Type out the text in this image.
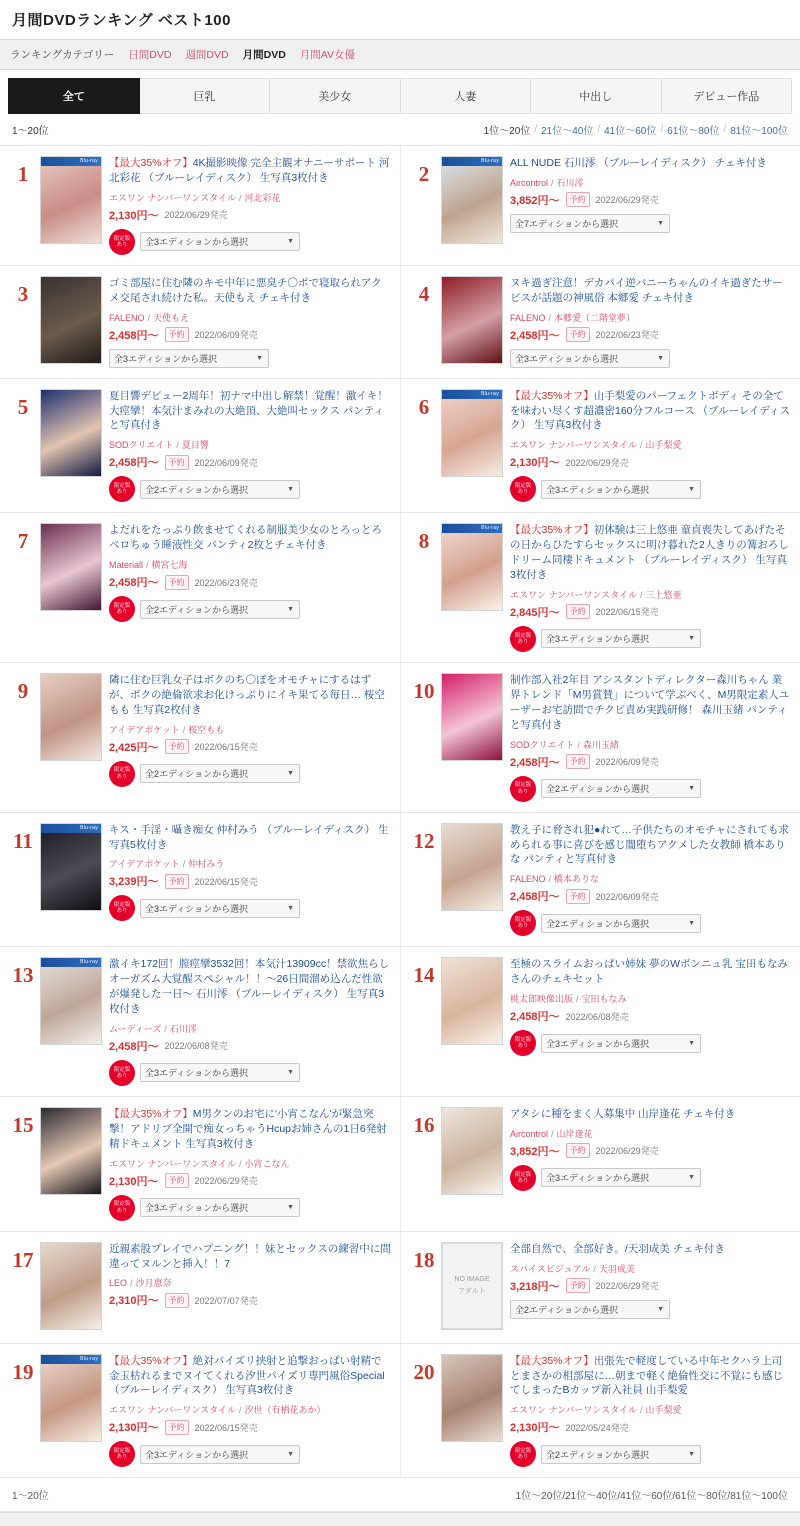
月間DVDランキング ベスト100
ランキングカテゴリー 日間DVD 週間DVD 月間DVD 月間AV女優
全て	巨乳	美少女	人妻	中出し	デビュー作品
1〜20位	1位〜20位 / 21位〜40位 / 41位〜60位 / 61位〜80位 / 81位〜100位
1
Blu-ray 【最大35%オフ】4K撮影映像 完全主観オナニーサポート 河北彩花 （ブルーレイディスク） 生写真3枚付き
エスワン ナンバーワンスタイル / 河北彩花
2,130円〜 2022/06/29発売
限定版
あり 全3エディションから選択	▼
2
Blu-ray ALL NUDE 石川澪 （ブルーレイディスク） チェキ付き
Aircontrol / 石川澪
3,852円〜	予約	2022/06/29発売
全7エディションから選択	▼
3	ゴミ部屋に住む隣のキモ中年に悪臭チ〇ポで寝取られアクメ交尾され続けた私。天使もえ チェキ付き
FALENO / 天使もえ
2,458円〜	予約	2022/06/09発売
全3エディションから選択	▼
4	ヌキ過ぎ注意！デカパイ逆バニーちゃんのイキ過ぎたサービスが話題の神風俗 本郷愛 チェキ付き
FALENO / 本郷愛（二階堂夢）
2,458円〜	予約	2022/06/23発売
全3エディションから選択	▼
5	夏目響デビュー2周年！初ナマ中出し解禁！覚醒！激イキ！大痙攣！本気汁まみれの大絶頂、大絶叫セックス パンティと写真付き
SODクリエイト / 夏目響
2,458円〜	予約	2022/06/09発売
限定版
あり 全2エディションから選択	▼
6
Blu-ray 【最大35%オフ】山手梨愛のパーフェクトボディ その全てを味わい尽くす超濃密160分フルコース （ブルーレイディスク） 生写真3枚付き
エスワン ナンバーワンスタイル / 山手梨愛
2,130円〜 2022/06/29発売
限定版
あり 全3エディションから選択	▼
7	よだれをたっぷり飲ませてくれる制服美少女のとろっとろベロちゅう睡液性交 パンティ2枚とチェキ付き
Materiall / 横宮七海
2,458円〜	予約	2022/06/23発売
限定版
あり 全2エディションから選択	▼
8
Blu-ray 【最大35%オフ】初体験は三上悠亜 童貞喪失してあげたその日からひたすらセックスに明け暮れた2人きりの篝おろしドリーム同棲ドキュメント （ブルーレイディスク） 生写真3枚付き
エスワン ナンバーワンスタイル / 三上悠亜
2,845円〜	予約	2022/06/15発売
限定版
あり 全3エディションから選択	▼
9	隣に住む巨乳女子はボクのち〇ぽをオモチャにするはずが、ボクの絶倫欲求お化けっぷりにイキ果てる毎日… 桜空もも 生写真2枚付き
アイデアポケット / 桜空もも
2,425円〜	予約	2022/06/15発売
限定版
あり 全2エディションから選択	▼
10	制作部入社2年目 アシスタントディレクター森川ちゃん 業界トレンド「M男賞賛」について学ぶべく、M男限定素人ユーザーお宅訪問でチクビ責め実践研修！ 森川玉緒 パンティと写真付き
SODクリエイト / 森川玉緒
2,458円〜	予約	2022/06/09発売
限定版
あり 全2エディションから選択	▼
11
Blu-ray キス・手淫・囁き痴女 仲村みう （ブルーレイディスク） 生写真5枚付き
アイデアポケット / 仲村みう
3,239円〜	予約	2022/06/15発売
限定版
あり 全3エディションから選択	▼
12	教え子に脅され犯●れて…子供たちのオモチャにされても求められる事に喜びを感じ闇堕ちアクメした女教師 橋本ありな パンティと写真付き
FALENO / 橋本ありな
2,458円〜	予約	2022/06/09発売
限定版
あり 全2エディションから選択	▼
13
Blu-ray 激イキ172回！膣痙攣3532回！本気汁13909cc！禁欲焦らしオーガズム大覚醒スペシャル！！〜26日間溜め込んだ性欲が爆発した一日〜 石川澪 （ブルーレイディスク） 生写真3枚付き
ムーディーズ / 石川澪
2,458円〜 2022/06/08発売
限定版
あり 全3エディションから選択	▼
14	至極のスライムおっぱい姉妹 夢のWボンニュ乳 宝田もなみさんのチェキセット
桃太郎映像出版 / 宝田もなみ
2,458円〜 2022/06/08発売
限定版
あり 全3エディションから選択	▼
15	【最大35%オフ】M男クンのお宅に'小宵こなん'が緊急突撃！アドリブ全開で痴女っちゃうHcupお姉さんの1日6発射精ドキュメント 生写真3枚付き
エスワン ナンバーワンスタイル / 小宵こなん
2,130円〜	予約	2022/06/29発売
限定版
あり 全3エディションから選択	▼
16	アタシに種をまく人募集中 山岸逢花 チェキ付き
Aircontrol / 山岸逢花
3,852円〜	予約	2022/06/29発売
限定版
あり 全3エディションから選択	▼
17	近親素股プレイでハプニング！！妹とセックスの練習中に間違ってヌルンと挿入！！7
LEO / 沙月恵奈
2,310円〜	予約	2022/07/07発売
18
NO IMAGE
アダルト
全部自然で、全部好き。/天羽成美 チェキ付き
スパイスビジュアル / 天羽成美
3,218円〜	予約	2022/06/29発売
全2エディションから選択	▼
19
Blu-ray 【最大35%オフ】絶対パイズリ挟射と追撃おっぱい射精で金玉枯れるまでヌイてくれる汐世パイズリ専門風俗Special （ブルーレイディスク） 生写真3枚付き
エスワン ナンバーワンスタイル / 汐世（有栖花あか）
2,130円〜	予約	2022/06/15発売
限定版
あり 全3エディションから選択	▼
20	【最大35%オフ】出張先で軽度している中年セクハラ上司とまさかの相部屋に…朝まで軽く絶倫性交に不覚にも感じてしまったBカップ新入社員 山手梨愛
エスワン ナンバーワンスタイル / 山手梨愛
2,130円〜 2022/05/24発売
限定版
あり 全2エディションから選択	▼
1〜20位	1位〜20位/21位〜40位/41位〜60位/61位〜80位/81位〜100位
